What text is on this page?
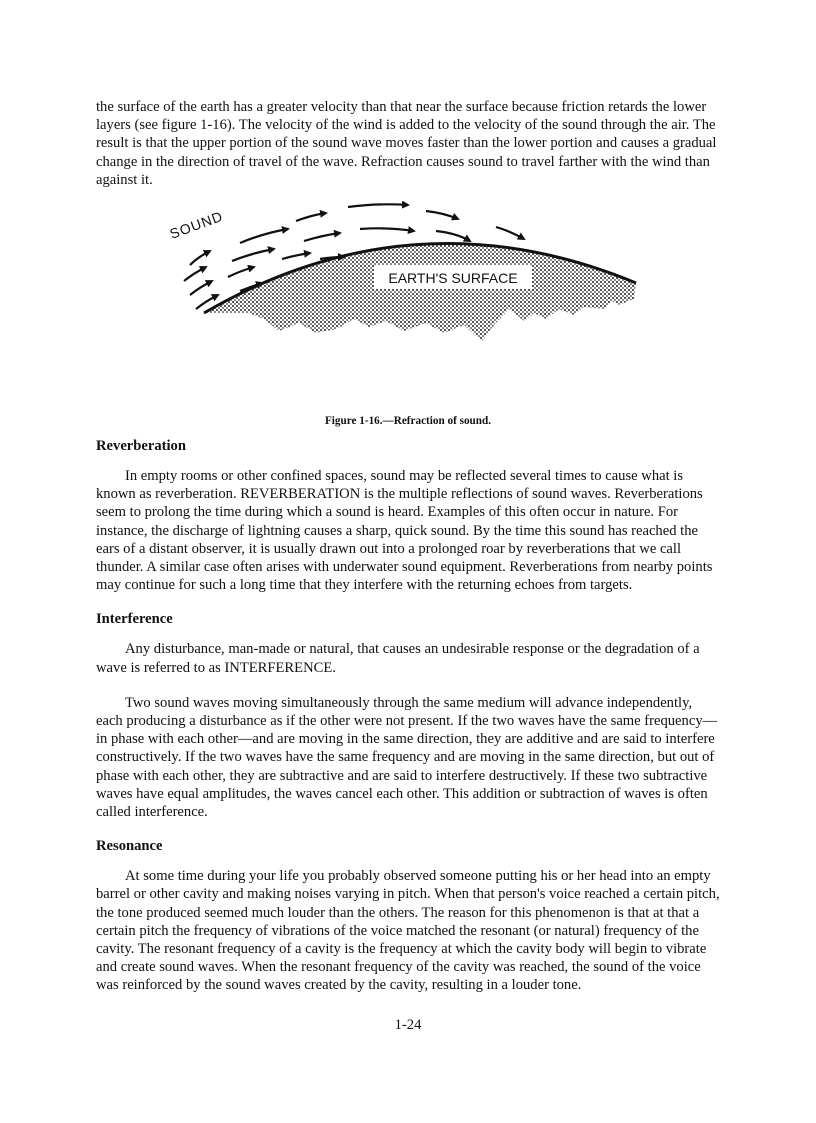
the surface of the earth has a greater velocity than that near the surface because friction retards the lower layers (see figure 1-16). The velocity of the wind is added to the velocity of the sound through the air. The result is that the upper portion of the sound wave moves faster than the lower portion and causes a gradual change in the direction of travel of the wave. Refraction causes sound to travel farther with the wind than against it.

EARTH'S SURFACE
SOUND
Figure 1-16.—Refraction of sound.
Reverberation

In empty rooms or other confined spaces, sound may be reflected several times to cause what is known as reverberation. REVERBERATION is the multiple reflections of sound waves. Reverberations seem to prolong the time during which a sound is heard. Examples of this often occur in nature. For instance, the discharge of lightning causes a sharp, quick sound. By the time this sound has reached the ears of a distant observer, it is usually drawn out into a prolonged roar by reverberations that we call thunder. A similar case often arises with underwater sound equipment. Reverberations from nearby points may continue for such a long time that they interfere with the returning echoes from targets.

Interference

Any disturbance, man-made or natural, that causes an undesirable response or the degradation of a wave is referred to as INTERFERENCE.

Two sound waves moving simultaneously through the same medium will advance independently, each producing a disturbance as if the other were not present. If the two waves have the same frequency—in phase with each other—and are moving in the same direction, they are additive and are said to interfere constructively. If the two waves have the same frequency and are moving in the same direction, but out of phase with each other, they are subtractive and are said to interfere destructively. If these two subtractive waves have equal amplitudes, the waves cancel each other. This addition or subtraction of waves is often called interference.

Resonance

At some time during your life you probably observed someone putting his or her head into an empty barrel or other cavity and making noises varying in pitch. When that person's voice reached a certain pitch, the tone produced seemed much louder than the others. The reason for this phenomenon is that at that a certain pitch the frequency of vibrations of the voice matched the resonant (or natural) frequency of the cavity. The resonant frequency of a cavity is the frequency at which the cavity body will begin to vibrate and create sound waves. When the resonant frequency of the cavity was reached, the sound of the voice was reinforced by the sound waves created by the cavity, resulting in a louder tone.

1-24
